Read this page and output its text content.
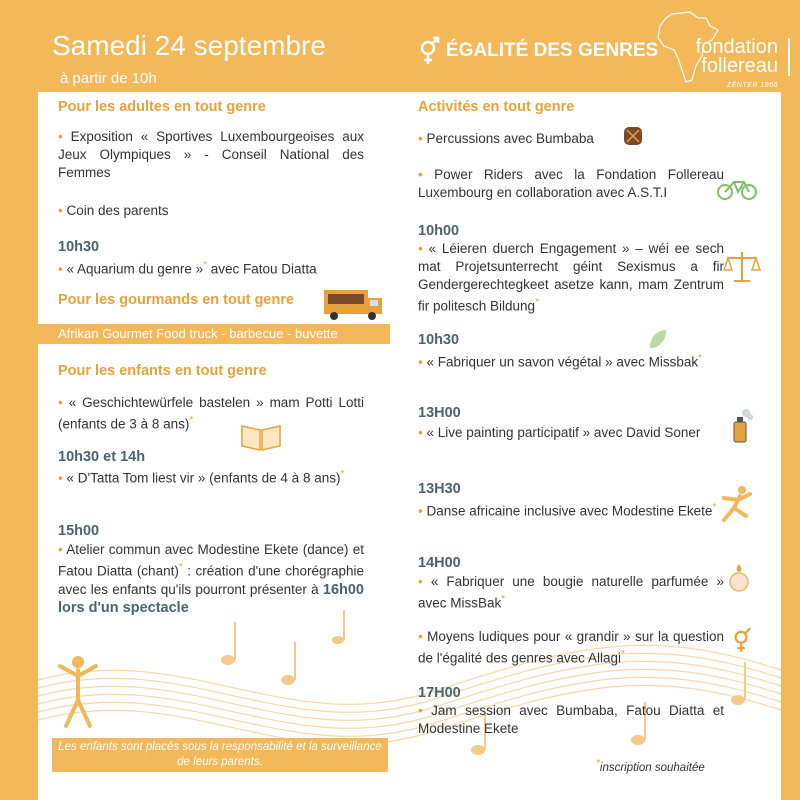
Samedi 24 septembre
à partir de 10h
ÉGALITÉ DES GENRES fondation
follereau
ZËNTER 1966
Pour les adultes en tout genre
• Exposition « Sportives Luxembourgeoises aux Jeux Olympiques » - Conseil National des Femmes
• Coin des parents
10h30
• « Aquarium du genre »* avec Fatou Diatta
Pour les gourmands en tout genre
Afrikan Gourmet Food truck - barbecue - buvette
Pour les enfants en tout genre
• « Geschichtewürfele bastelen » mam Potti Lotti (enfants de 3 à 8 ans)*
10h30 et 14h
• « D'Tatta Tom liest vir » (enfants de 4 à 8 ans)*
15h00
• Atelier commun avec Modestine Ekete (dance) et Fatou Diatta (chant)* : création d'une chorégraphie avec les enfants qu'ils pourront présenter à 16h00 lors d'un spectacle
Les enfants sont placés sous la responsabilité et la surveillance de leurs parents.
Activités en tout genre
• Percussions avec Bumbaba
• Power Riders avec la Fondation Follereau Luxembourg en collaboration avec A.S.T.I
10h00
• « Léieren duerch Engagement » – wéi ee sech mat Projetsunterrecht géint Sexismus a fir Gendergerechtegkeet asetze kann, mam Zentrum fir politesch Bildung*
10h30
• « Fabriquer un savon végétal » avec Missbak*
13H00
• « Live painting participatif » avec David Soner
13H30
• Danse africaine inclusive avec Modestine Ekete*
14H00
• « Fabriquer une bougie naturelle parfumée » avec MissBak*
• Moyens ludiques pour « grandir » sur la question de l'égalité des genres avec Allagi*
17H00
• Jam session avec Bumbaba, Fatou Diatta et Modestine Ekete
*inscription souhaitée
